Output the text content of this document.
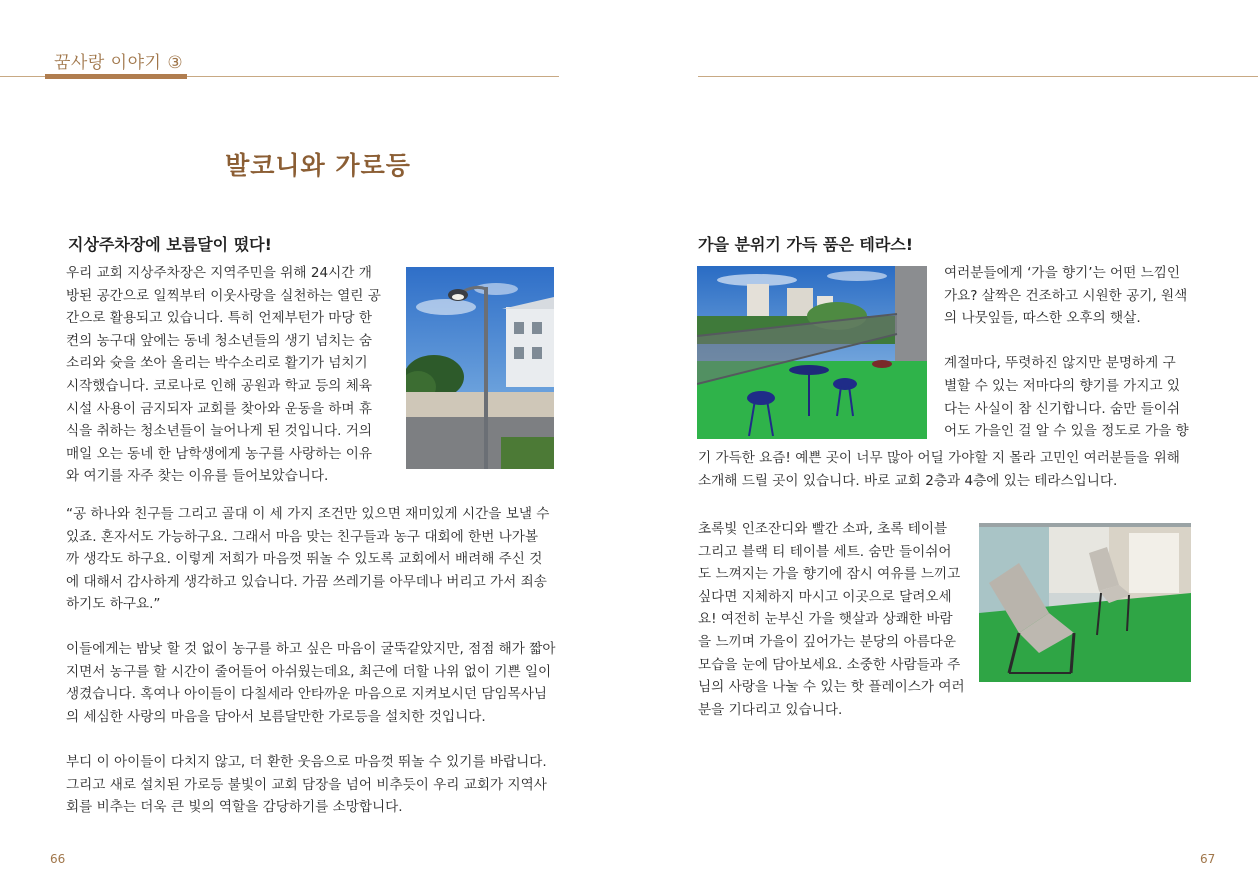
꿈사랑 이야기 ③
발코니와 가로등
지상주차장에 보름달이 떴다!
우리 교회 지상주차장은 지역주민을 위해 24시간 개
방된 공간으로 일찍부터 이웃사랑을 실천하는 열린 공
간으로 활용되고 있습니다. 특히 언제부턴가 마당 한
켠의 농구대 앞에는 동네 청소년들의 생기 넘치는 숨
소리와 슛을 쏘아 올리는 박수소리로 활기가 넘치기
시작했습니다. 코로나로 인해 공원과 학교 등의 체육
시설 사용이 금지되자 교회를 찾아와 운동을 하며 휴
식을 취하는 청소년들이 늘어나게 된 것입니다. 거의
매일 오는 동네 한 남학생에게 농구를 사랑하는 이유
와 여기를 자주 찾는 이유를 들어보았습니다.
“공 하나와 친구들 그리고 골대 이 세 가지 조건만 있으면 재미있게 시간을 보낼 수
있죠. 혼자서도 가능하구요. 그래서 마음 맞는 친구들과 농구 대회에 한번 나가볼
까 생각도 하구요. 이렇게 저희가 마음껏 뛰놀 수 있도록 교회에서 배려해 주신 것
에 대해서 감사하게 생각하고 있습니다. 가끔 쓰레기를 아무데나 버리고 가서 죄송
하기도 하구요.”
이들에게는 밤낮 할 것 없이 농구를 하고 싶은 마음이 굴뚝같았지만, 점점 해가 짧아
지면서 농구를 할 시간이 줄어들어 아쉬웠는데요, 최근에 더할 나위 없이 기쁜 일이
생겼습니다. 혹여나 아이들이 다칠세라 안타까운 마음으로 지켜보시던 담임목사님
의 세심한 사랑의 마음을 담아서 보름달만한 가로등을 설치한 것입니다.
부디 이 아이들이 다치지 않고, 더 환한 웃음으로 마음껏 뛰놀 수 있기를 바랍니다.
그리고 새로 설치된 가로등 불빛이 교회 담장을 넘어 비추듯이 우리 교회가 지역사
회를 비추는 더욱 큰 빛의 역할을 감당하기를 소망합니다.
66
가을 분위기 가득 품은 테라스!
여러분들에게 ‘가을 향기’는 어떤 느낌인
가요? 살짝은 건조하고 시원한 공기, 원색
의 나뭇잎들, 따스한 오후의 햇살.

계절마다, 뚜렷하진 않지만 분명하게 구
별할 수 있는 저마다의 향기를 가지고 있
다는 사실이 참 신기합니다. 숨만 들이쉬
어도 가을인 걸 알 수 있을 정도로 가을 향
기 가득한 요즘! 예쁜 곳이 너무 많아 어딜 가야할 지 몰라 고민인 여러분들을 위해
소개해 드릴 곳이 있습니다. 바로 교회 2층과 4층에 있는 테라스입니다.
초록빛 인조잔디와 빨간 소파, 초록 테이블
그리고 블랙 티 테이블 세트. 숨만 들이쉬어
도 느껴지는 가을 향기에 잠시 여유를 느끼고
싶다면 지체하지 마시고 이곳으로 달려오세
요! 여전히 눈부신 가을 햇살과 상쾌한 바람
을 느끼며 가을이 깊어가는 분당의 아름다운
모습을 눈에 담아보세요. 소중한 사람들과 주
님의 사랑을 나눌 수 있는 핫 플레이스가 여러
분을 기다리고 있습니다.
67
